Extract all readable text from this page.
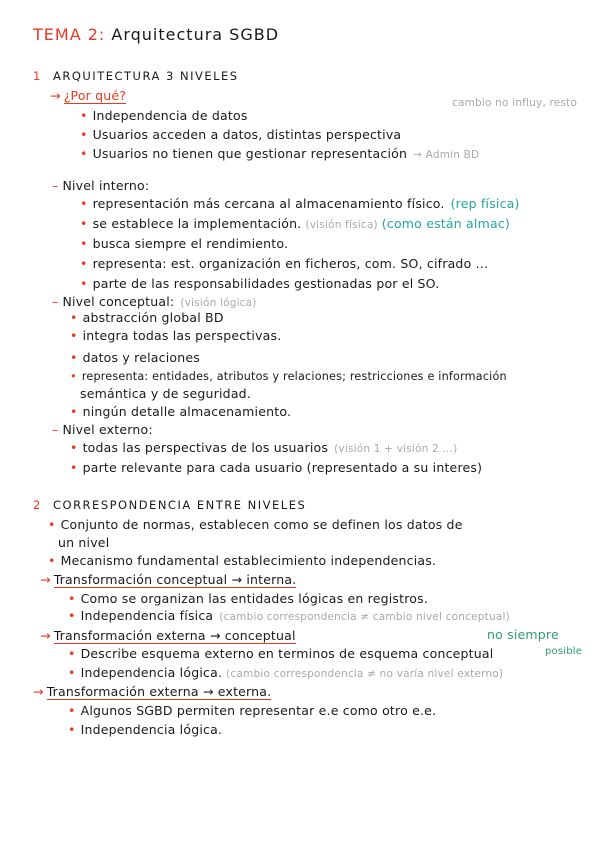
TEMA 2: Arquitectura SGBD
1 ARQUITECTURA 3 NIVELES
→ ¿Por qué?	cambio no influy, resto
• Independencia de datos
• Usuarios acceden a datos, distintas perspectiva
• Usuarios no tienen que gestionar representación → Admin BD
– Nivel interno:
• representación más cercana al almacenamiento físico. (rep física)
• se establece la implementación. (visión física) (como están almac)
• busca siempre el rendimiento.
• representa: est. organización en ficheros, com. SO, cifrado ...
• parte de las responsabilidades gestionadas por el SO.
– Nivel conceptual: (visión lógica)
• abstracción global BD
• integra todas las perspectivas.
• datos y relaciones
• representa: entidades, atributos y relaciones; restricciones e información
semántica y de seguridad.
• ningún detalle almacenamiento.
– Nivel externo:
• todas las perspectivas de los usuarios (visión 1 + visión 2 ...)
• parte relevante para cada usuario (representado a su interes)
2 CORRESPONDENCIA ENTRE NIVELES
• Conjunto de normas, establecen como se definen los datos de
un nivel
• Mecanismo fundamental establecimiento independencias.
→ Transformación conceptual → interna.
• Como se organizan las entidades lógicas en registros.
• Independencia física (cambio correspondencia ≠ cambio nivel conceptual)
→ Transformación externa → conceptual	no siempre
posible
• Describe esquema externo en terminos de esquema conceptual
• Independencia lógica. (cambio correspondencia ≠ no varía nivel externo)
→ Transformación externa → externa.
• Algunos SGBD permiten representar e.e como otro e.e.
• Independencia lógica.
